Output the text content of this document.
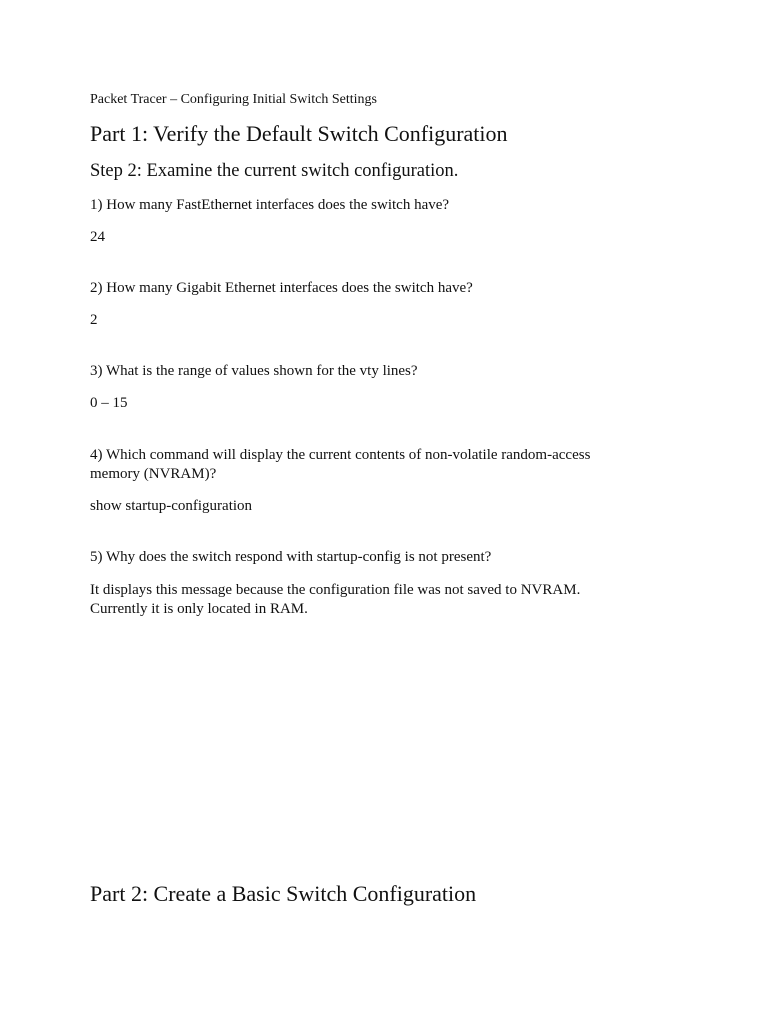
Packet Tracer – Configuring Initial Switch Settings
Part 1: Verify the Default Switch Configuration
Step 2: Examine the current switch configuration.
1) How many FastEthernet interfaces does the switch have?
24
2) How many Gigabit Ethernet interfaces does the switch have?
2
3) What is the range of values shown for the vty lines?
0 – 15
4) Which command will display the current contents of non-volatile random-access
memory (NVRAM)?
show startup-configuration
5) Why does the switch respond with startup-config is not present?
It displays this message because the configuration file was not saved to NVRAM.
Currently it is only located in RAM.
Part 2: Create a Basic Switch Configuration
